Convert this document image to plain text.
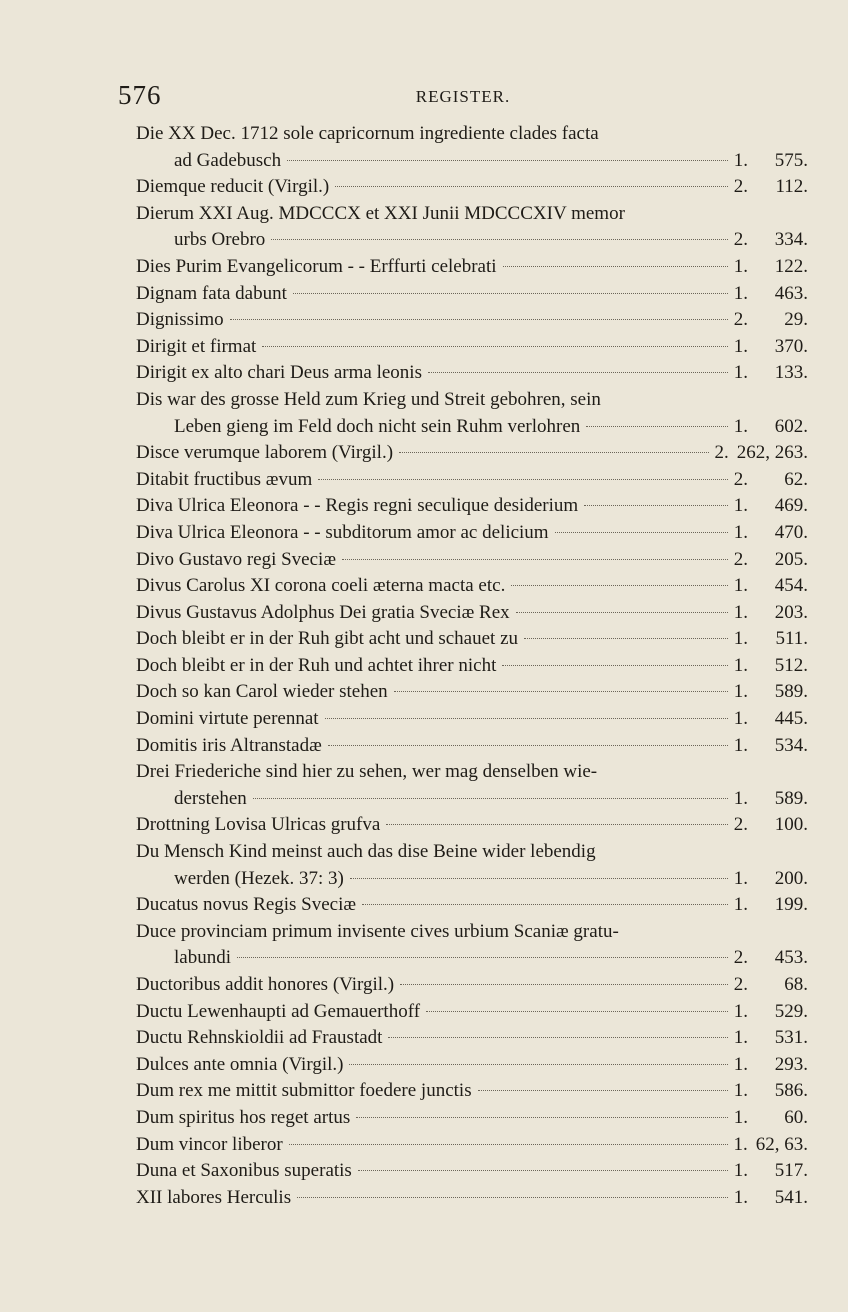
576	REGISTER.
Die XX Dec. 1712 sole capricornum ingrediente clades facta
ad Gadebusch	1.	575.
Diemque reducit (Virgil.)	2.	112.
Dierum XXI Aug. MDCCCX et XXI Junii MDCCCXIV memor
urbs Orebro	2.	334.
Dies Purim Evangelicorum - - Erffurti celebrati	1.	122.
Dignam fata dabunt	1.	463.
Dignissimo	2.	29.
Dirigit et firmat	1.	370.
Dirigit ex alto chari Deus arma leonis	1.	133.
Dis war des grosse Held zum Krieg und Streit gebohren, sein
Leben gieng im Feld doch nicht sein Ruhm verlohren	1.	602.
Disce verumque laborem (Virgil.)	2. 262, 263.
Ditabit fructibus ævum	2.	62.
Diva Ulrica Eleonora - - Regis regni seculique desiderium	1.	469.
Diva Ulrica Eleonora - - subditorum amor ac delicium	1.	470.
Divo Gustavo regi Sveciæ	2.	205.
Divus Carolus XI corona coeli æterna macta etc.	1.	454.
Divus Gustavus Adolphus Dei gratia Sveciæ Rex	1.	203.
Doch bleibt er in der Ruh gibt acht und schauet zu	1.	511.
Doch bleibt er in der Ruh und achtet ihrer nicht	1.	512.
Doch so kan Carol wieder stehen	1.	589.
Domini virtute perennat	1.	445.
Domitis iris Altranstadæ	1.	534.
Drei Friederiche sind hier zu sehen, wer mag denselben wie-
derstehen	1.	589.
Drottning Lovisa Ulricas grufva	2.	100.
Du Mensch Kind meinst auch das dise Beine wider lebendig
werden (Hezek. 37: 3)	1.	200.
Ducatus novus Regis Sveciæ	1.	199.
Duce provinciam primum invisente cives urbium Scaniæ gratu-
labundi	2.	453.
Ductoribus addit honores (Virgil.)	2.	68.
Ductu Lewenhaupti ad Gemauerthoff	1.	529.
Ductu Rehnskioldii ad Fraustadt	1.	531.
Dulces ante omnia (Virgil.)	1.	293.
Dum rex me mittit submittor foedere junctis	1.	586.
Dum spiritus hos reget artus	1.	60.
Dum vincor liberor	1. 62, 63.
Duna et Saxonibus superatis	1.	517.
XII labores Herculis	1.	541.
